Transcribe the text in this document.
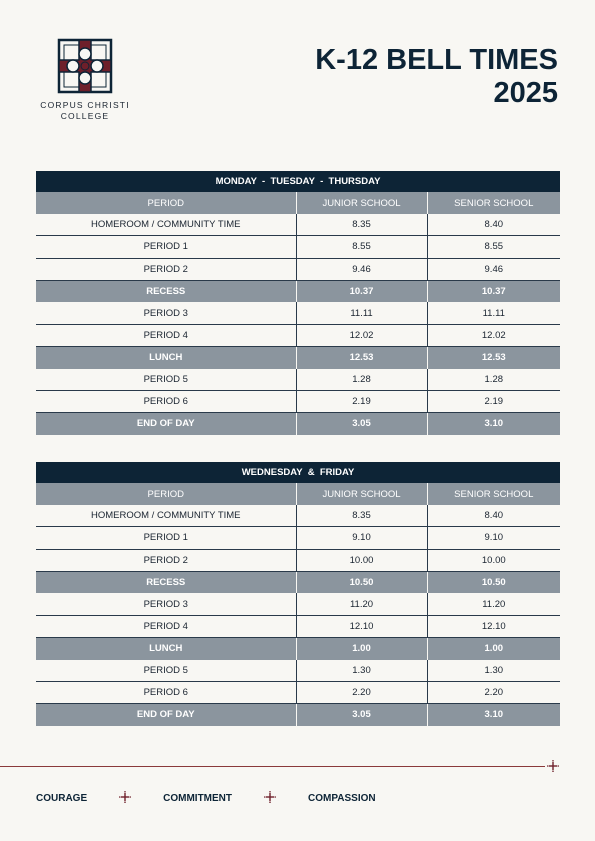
CORPUS CHRISTI
COLLEGE
K-12 BELL TIMES
2025
MONDAY  -  TUESDAY  -  THURSDAY		
PERIOD	JUNIOR SCHOOL	SENIOR SCHOOL
HOMEROOM / COMMUNITY TIME	8.35	8.40
PERIOD 1	8.55	8.55
PERIOD 2	9.46	9.46
RECESS	10.37	10.37
PERIOD 3	11.11	11.11
PERIOD 4	12.02	12.02
LUNCH	12.53	12.53
PERIOD 5	1.28	1.28
PERIOD 6	2.19	2.19
END OF DAY	3.05	3.10
WEDNESDAY  &  FRIDAY		
PERIOD	JUNIOR SCHOOL	SENIOR SCHOOL
HOMEROOM / COMMUNITY TIME	8.35	8.40
PERIOD 1	9.10	9.10
PERIOD 2	10.00	10.00
RECESS	10.50	10.50
PERIOD 3	11.20	11.20
PERIOD 4	12.10	12.10
LUNCH	1.00	1.00
PERIOD 5	1.30	1.30
PERIOD 6	2.20	2.20
END OF DAY	3.05	3.10
COURAGE	COMMITMENT	COMPASSION
